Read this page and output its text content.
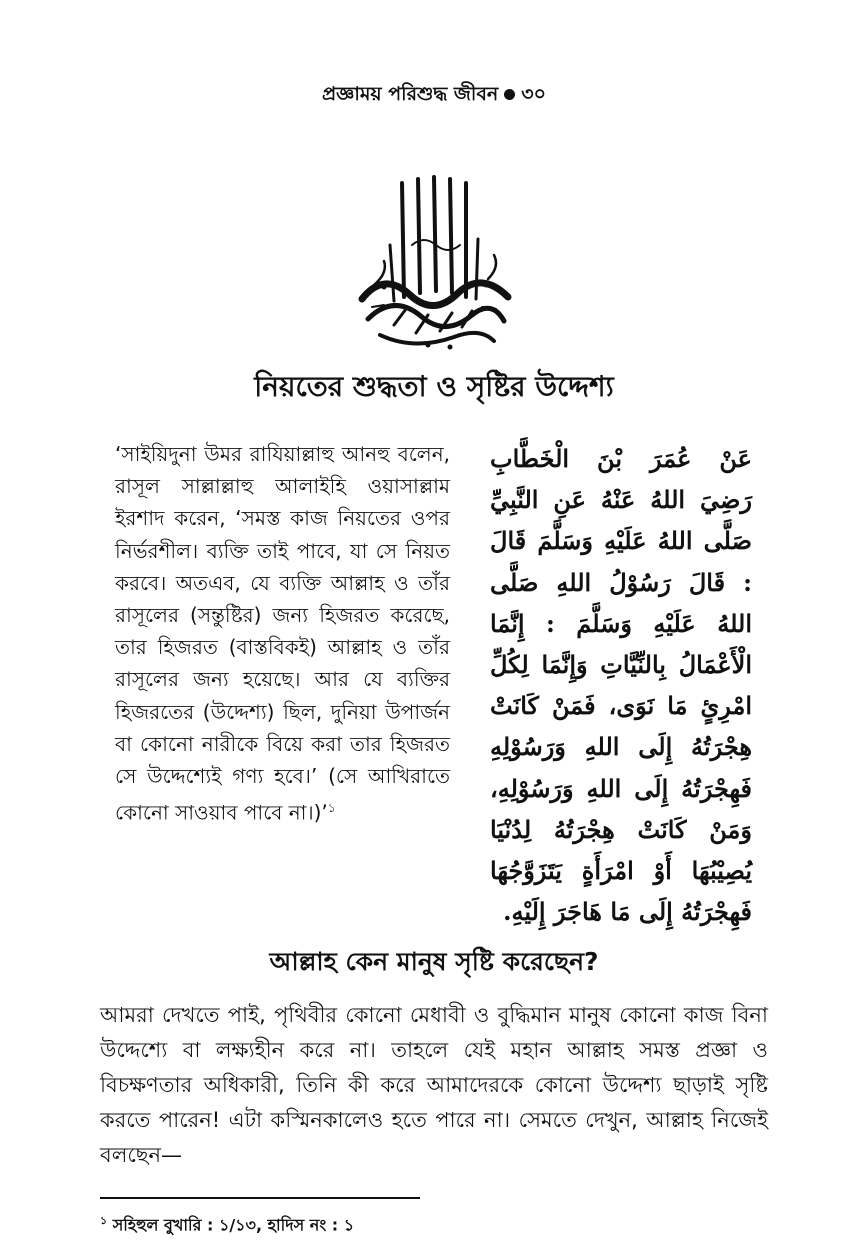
প্রজ্ঞাময় পরিশুদ্ধ জীবন ৩০
নিয়তের শুদ্ধতা ও সৃষ্টির উদ্দেশ্য

‘সাইয়িদুনা উমর রাযিয়াল্লাহু আনহু বলেন, রাসূল সাল্লাল্লাহু আলাইহি ওয়াসাল্লাম ইরশাদ করেন, ‘সমস্ত কাজ নিয়তের ওপর নির্ভরশীল। ব্যক্তি তাই পাবে, যা সে নিয়ত করবে। অতএব, যে ব্যক্তি আল্লাহ ও তাঁর রাসূলের (সন্তুষ্টির) জন্য হিজরত করেছে, তার হিজরত (বাস্তবিকই) আল্লাহ ও তাঁর রাসূলের জন্য হয়েছে। আর যে ব্যক্তির হিজরতের (উদ্দেশ্য) ছিল, দুনিয়া উপার্জন বা কোনো নারীকে বিয়ে করা তার হিজরত সে উদ্দেশ্যেই গণ্য হবে।’ (সে আখিরাতে কোনো সাওয়াব পাবে না।)’$^১$

عَنْ عُمَرَ بْنَ الْخَطَّابِ رَضِيَ اللهُ عَنْهُ عَنِ النَّبِيِّ صَلَّى اللهُ عَلَيْهِ وَسَلَّمَ قَالَ : قَالَ رَسُوْلُ اللهِ صَلَّى اللهُ عَلَيْهِ وَسَلَّمَ : إِنَّمَا الْأَعْمَالُ بِالنِّيَّاتِ وَإِنَّمَا لِكُلِّ امْرِئٍ مَا نَوَى، فَمَنْ كَانَتْ هِجْرَتُهُ إِلَى اللهِ وَرَسُوْلِهِ فَهِجْرَتُهُ إِلَى اللهِ وَرَسُوْلِهِ، وَمَنْ كَانَتْ هِجْرَتُهُ لِدُنْيَا يُصِيْبُهَا أَوْ امْرَأَةٍ يَتَزَوَّجُهَا فَهِجْرَتُهُ إِلَى مَا هَاجَرَ إِلَيْهِ.

আল্লাহ কেন মানুষ সৃষ্টি করেছেন?

আমরা দেখতে পাই, পৃথিবীর কোনো মেধাবী ও বুদ্ধিমান মানুষ কোনো কাজ বিনা উদ্দেশ্যে বা লক্ষ্যহীন করে না। তাহলে যেই মহান আল্লাহ সমস্ত প্রজ্ঞা ও বিচক্ষণতার অধিকারী, তিনি কী করে আমাদেরকে কোনো উদ্দেশ্য ছাড়াই সৃষ্টি করতে পারেন! এটা কস্মিনকালেও হতে পারে না। সেমতে দেখুন, আল্লাহ নিজেই বলছেন—

$^১$ সহিহুল বুখারি : ১/১৩, হাদিস নং : ১
